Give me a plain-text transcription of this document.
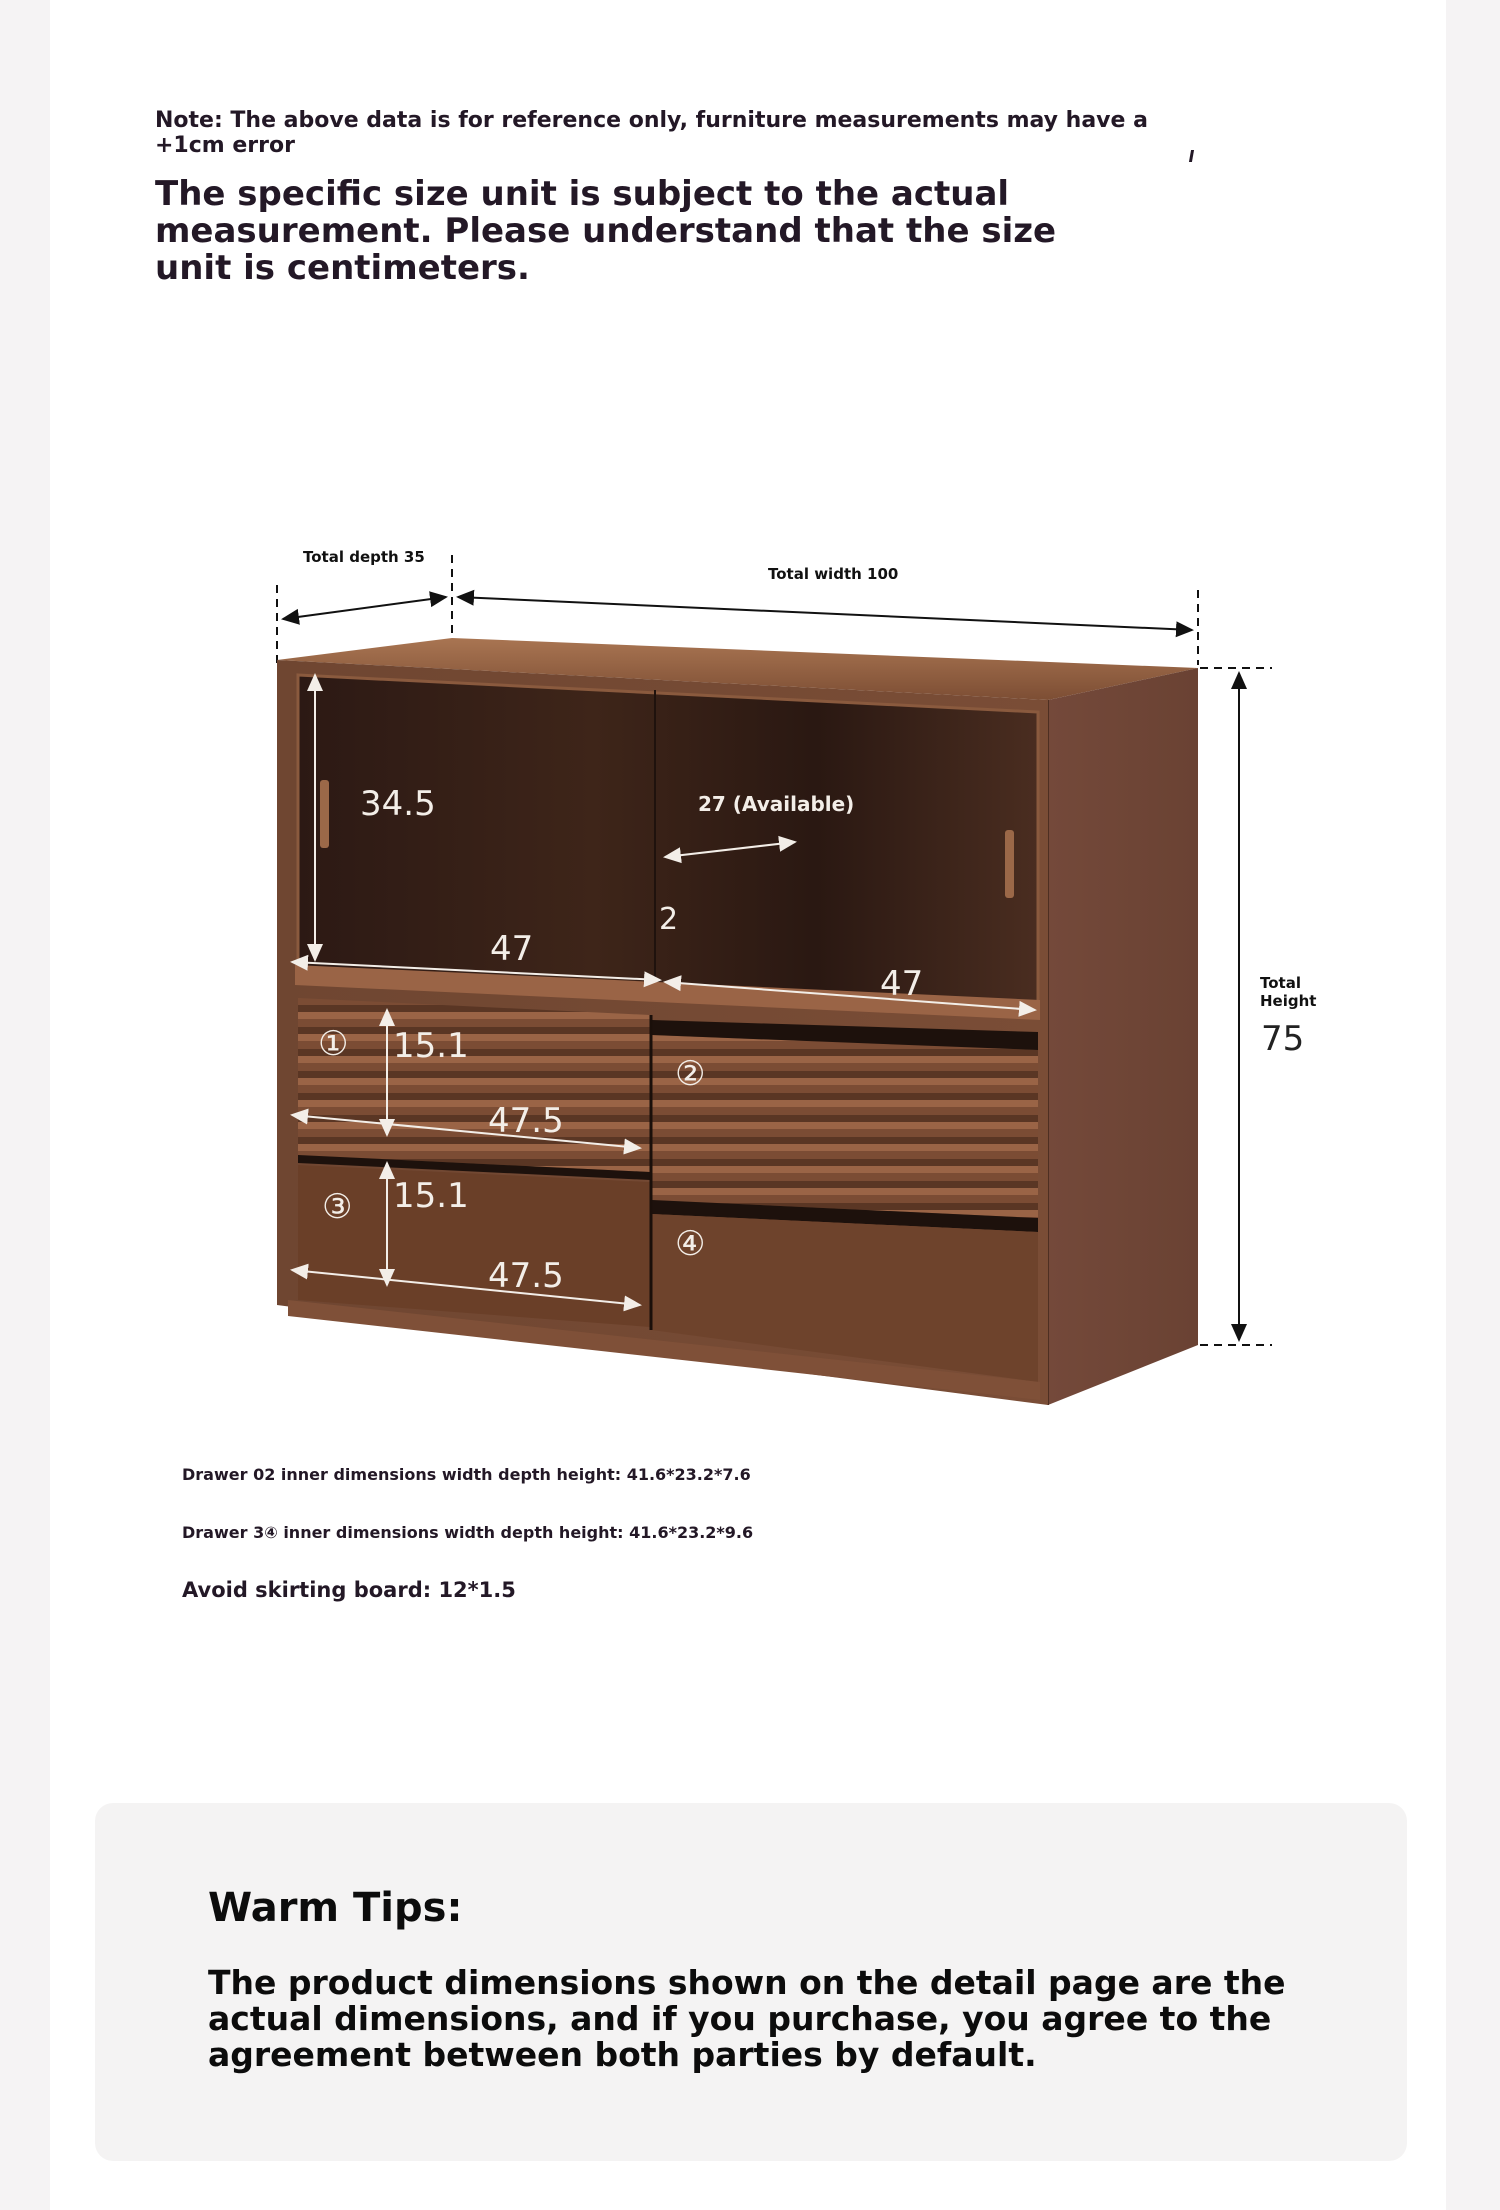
Note: The above data is for reference only, furniture measurements may have a +1cm error
The specific size unit is subject to the actual measurement. Please understand that the size unit is centimeters.
Total depth 35
Total width 100
Total
Height
75
34.5	27 (Available)
2
47
47
15.1
47.5
15.1
47.5
①
②
③
④
Drawer 02 inner dimensions width depth height: 41.6*23.2*7.6
Drawer 3④ inner dimensions width depth height: 41.6*23.2*9.6
Avoid skirting board: 12*1.5
Warm Tips:
The product dimensions shown on the detail page are the actual dimensions, and if you purchase, you agree to the agreement between both parties by default.
